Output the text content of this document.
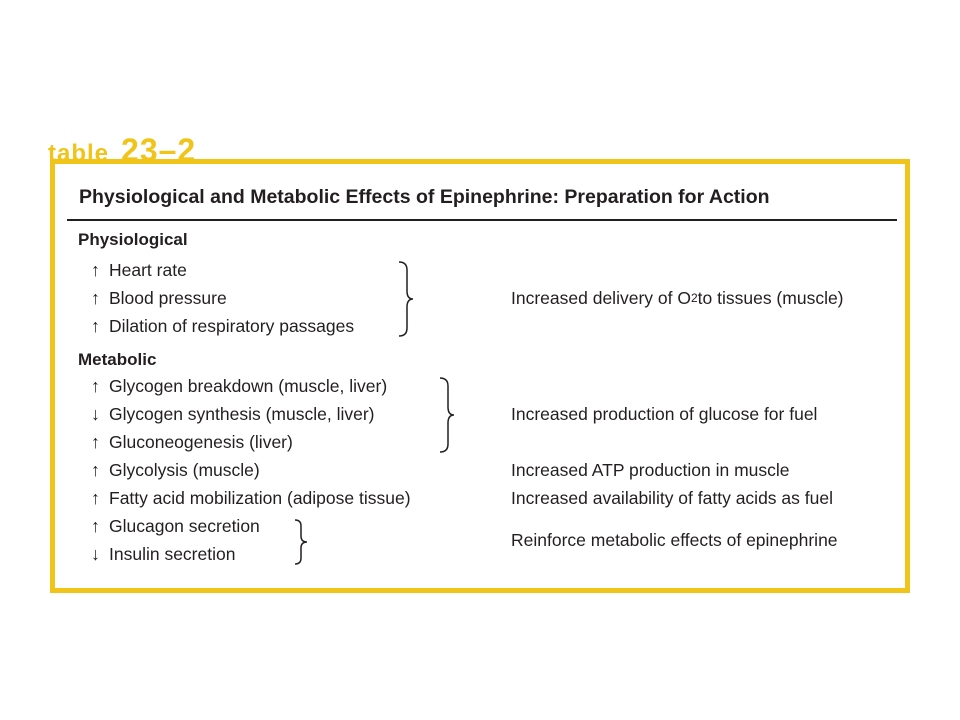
table 23–2
Physiological and Metabolic Effects of Epinephrine: Preparation for Action
Physiological
↑ Heart rate
↑ Blood pressure
↑ Dilation of respiratory passages
Increased delivery of O 2 to tissues (muscle)
Metabolic
↑ Glycogen breakdown (muscle, liver)
↓ Glycogen synthesis (muscle, liver)
↑ Gluconeogenesis (liver)
Increased production of glucose for fuel
↑ Glycolysis (muscle)	Increased ATP production in muscle
↑ Fatty acid mobilization (adipose tissue)	Increased availability of fatty acids as fuel
↑ Glucagon secretion
↓ Insulin secretion
Reinforce metabolic effects of epinephrine
